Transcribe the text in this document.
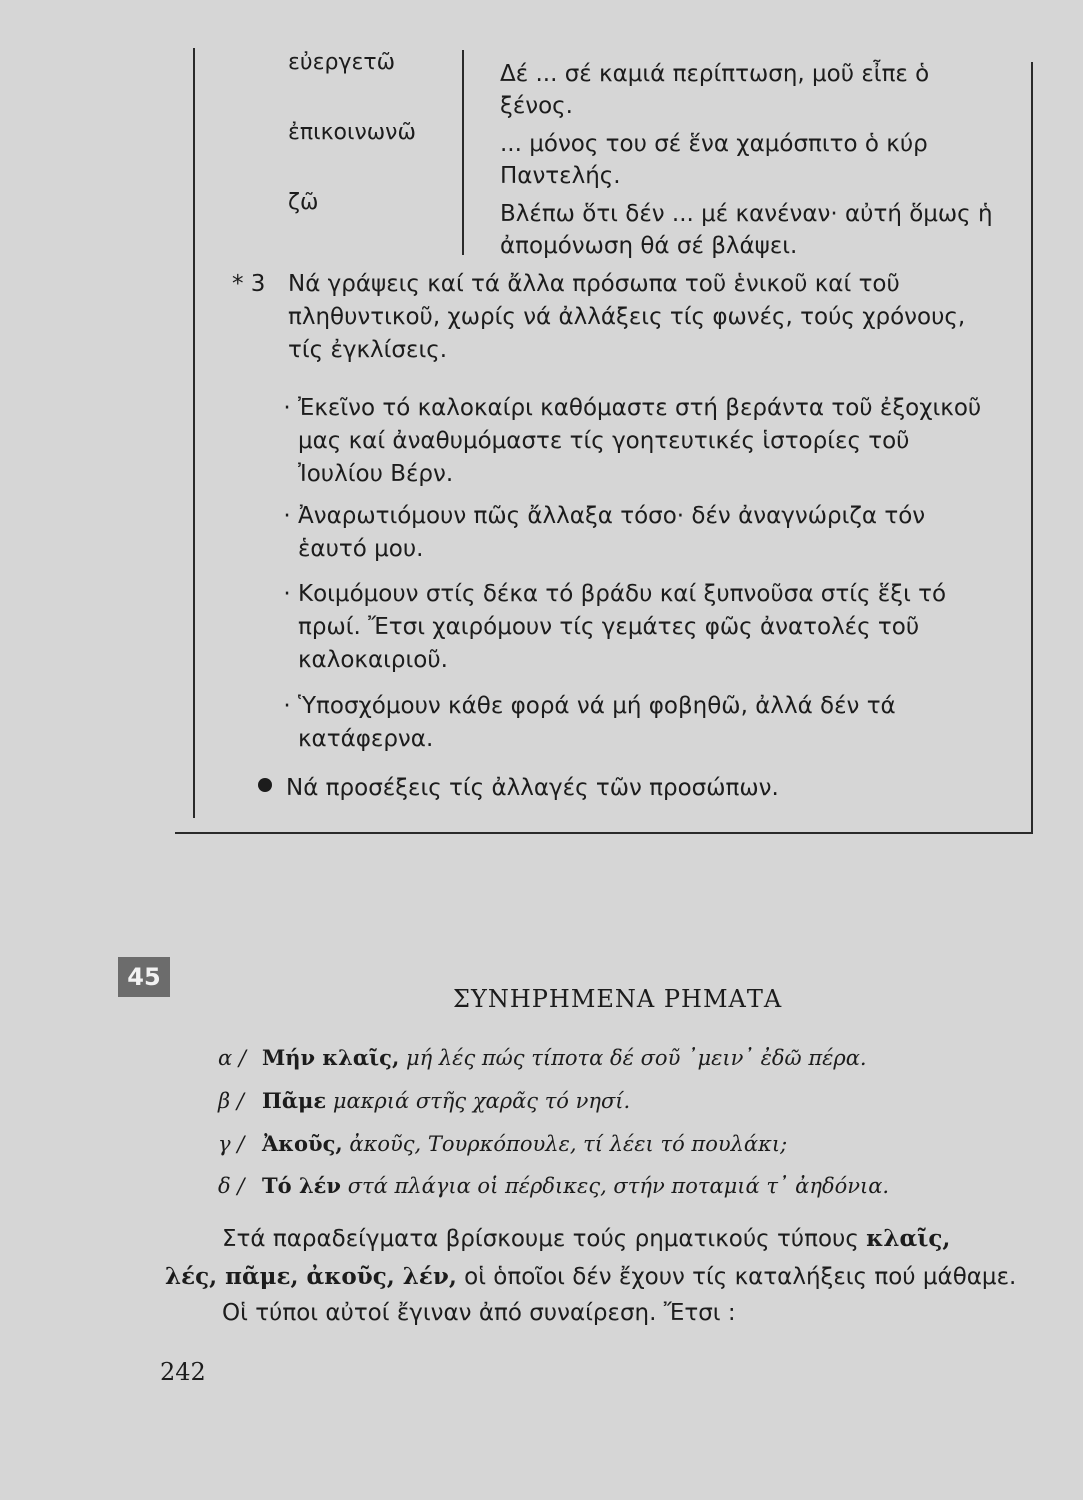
εὐεργετῶ
ἐπικοινωνῶ
ζῶ
Δέ ... σέ καμιά περίπτωση, μοῦ εἶπε ὁ ξένος.
... μόνος του σέ ἕνα χαμόσπιτο ὁ κύρ Παντελής.
Βλέπω ὅτι δέν ... μέ κανέναν· αὐτή ὅμως ἡ ἀπομόνωση θά σέ βλάψει.
* 3 Νά γράψεις καί τά ἄλλα πρόσωπα τοῦ ἑνικοῦ καί τοῦ πληθυντικοῦ, χωρίς νά ἀλλάξεις τίς φωνές, τούς χρόνους, τίς ἐγκλίσεις.
· Ἐκεῖνο τό καλοκαίρι καθόμαστε στή βεράντα τοῦ ἐξοχικοῦ μας καί ἀναθυμόμαστε τίς γοητευτικές ἱστορίες τοῦ Ἰουλίου Βέρν.
· Ἀναρωτιόμουν πῶς ἄλλαξα τόσο· δέν ἀναγνώριζα τόν ἑαυτό μου.
· Κοιμόμουν στίς δέκα τό βράδυ καί ξυπνοῦσα στίς ἕξι τό πρωί. Ἔτσι χαιρόμουν τίς γεμάτες φῶς ἀνατολές τοῦ καλοκαιριοῦ.
· Ὑποσχόμουν κάθε φορά νά μή φοβηθῶ, ἀλλά δέν τά κατάφερνα.
Νά προσέξεις τίς ἀλλαγές τῶν προσώπων.
45
ΣΥΝΗΡΗΜΕΝΑ ΡΗΜΑΤΑ
α / Μήν κλαῖς, μή λές πώς τίποτα δέ σοῦ ᾽μειν᾽ ἐδῶ πέρα.
β / Πᾶμε μακριά στῆς χαρᾶς τό νησί.
γ / Ἀκοῦς, ἀκοῦς, Τουρκόπουλε, τί λέει τό πουλάκι;
δ / Τό λέν στά πλάγια οἱ πέρδικες, στήν ποταμιά τ᾽ ἀηδόνια.
Στά παραδείγματα βρίσκουμε τούς ρηματικούς τύπους κλαῖς,
λές, πᾶμε, ἀκοῦς, λέν, οἱ ὁποῖοι δέν ἔχουν τίς καταλήξεις πού μάθαμε.
Οἱ τύποι αὐτοί ἔγιναν ἀπό συναίρεση. Ἔτσι :
242
